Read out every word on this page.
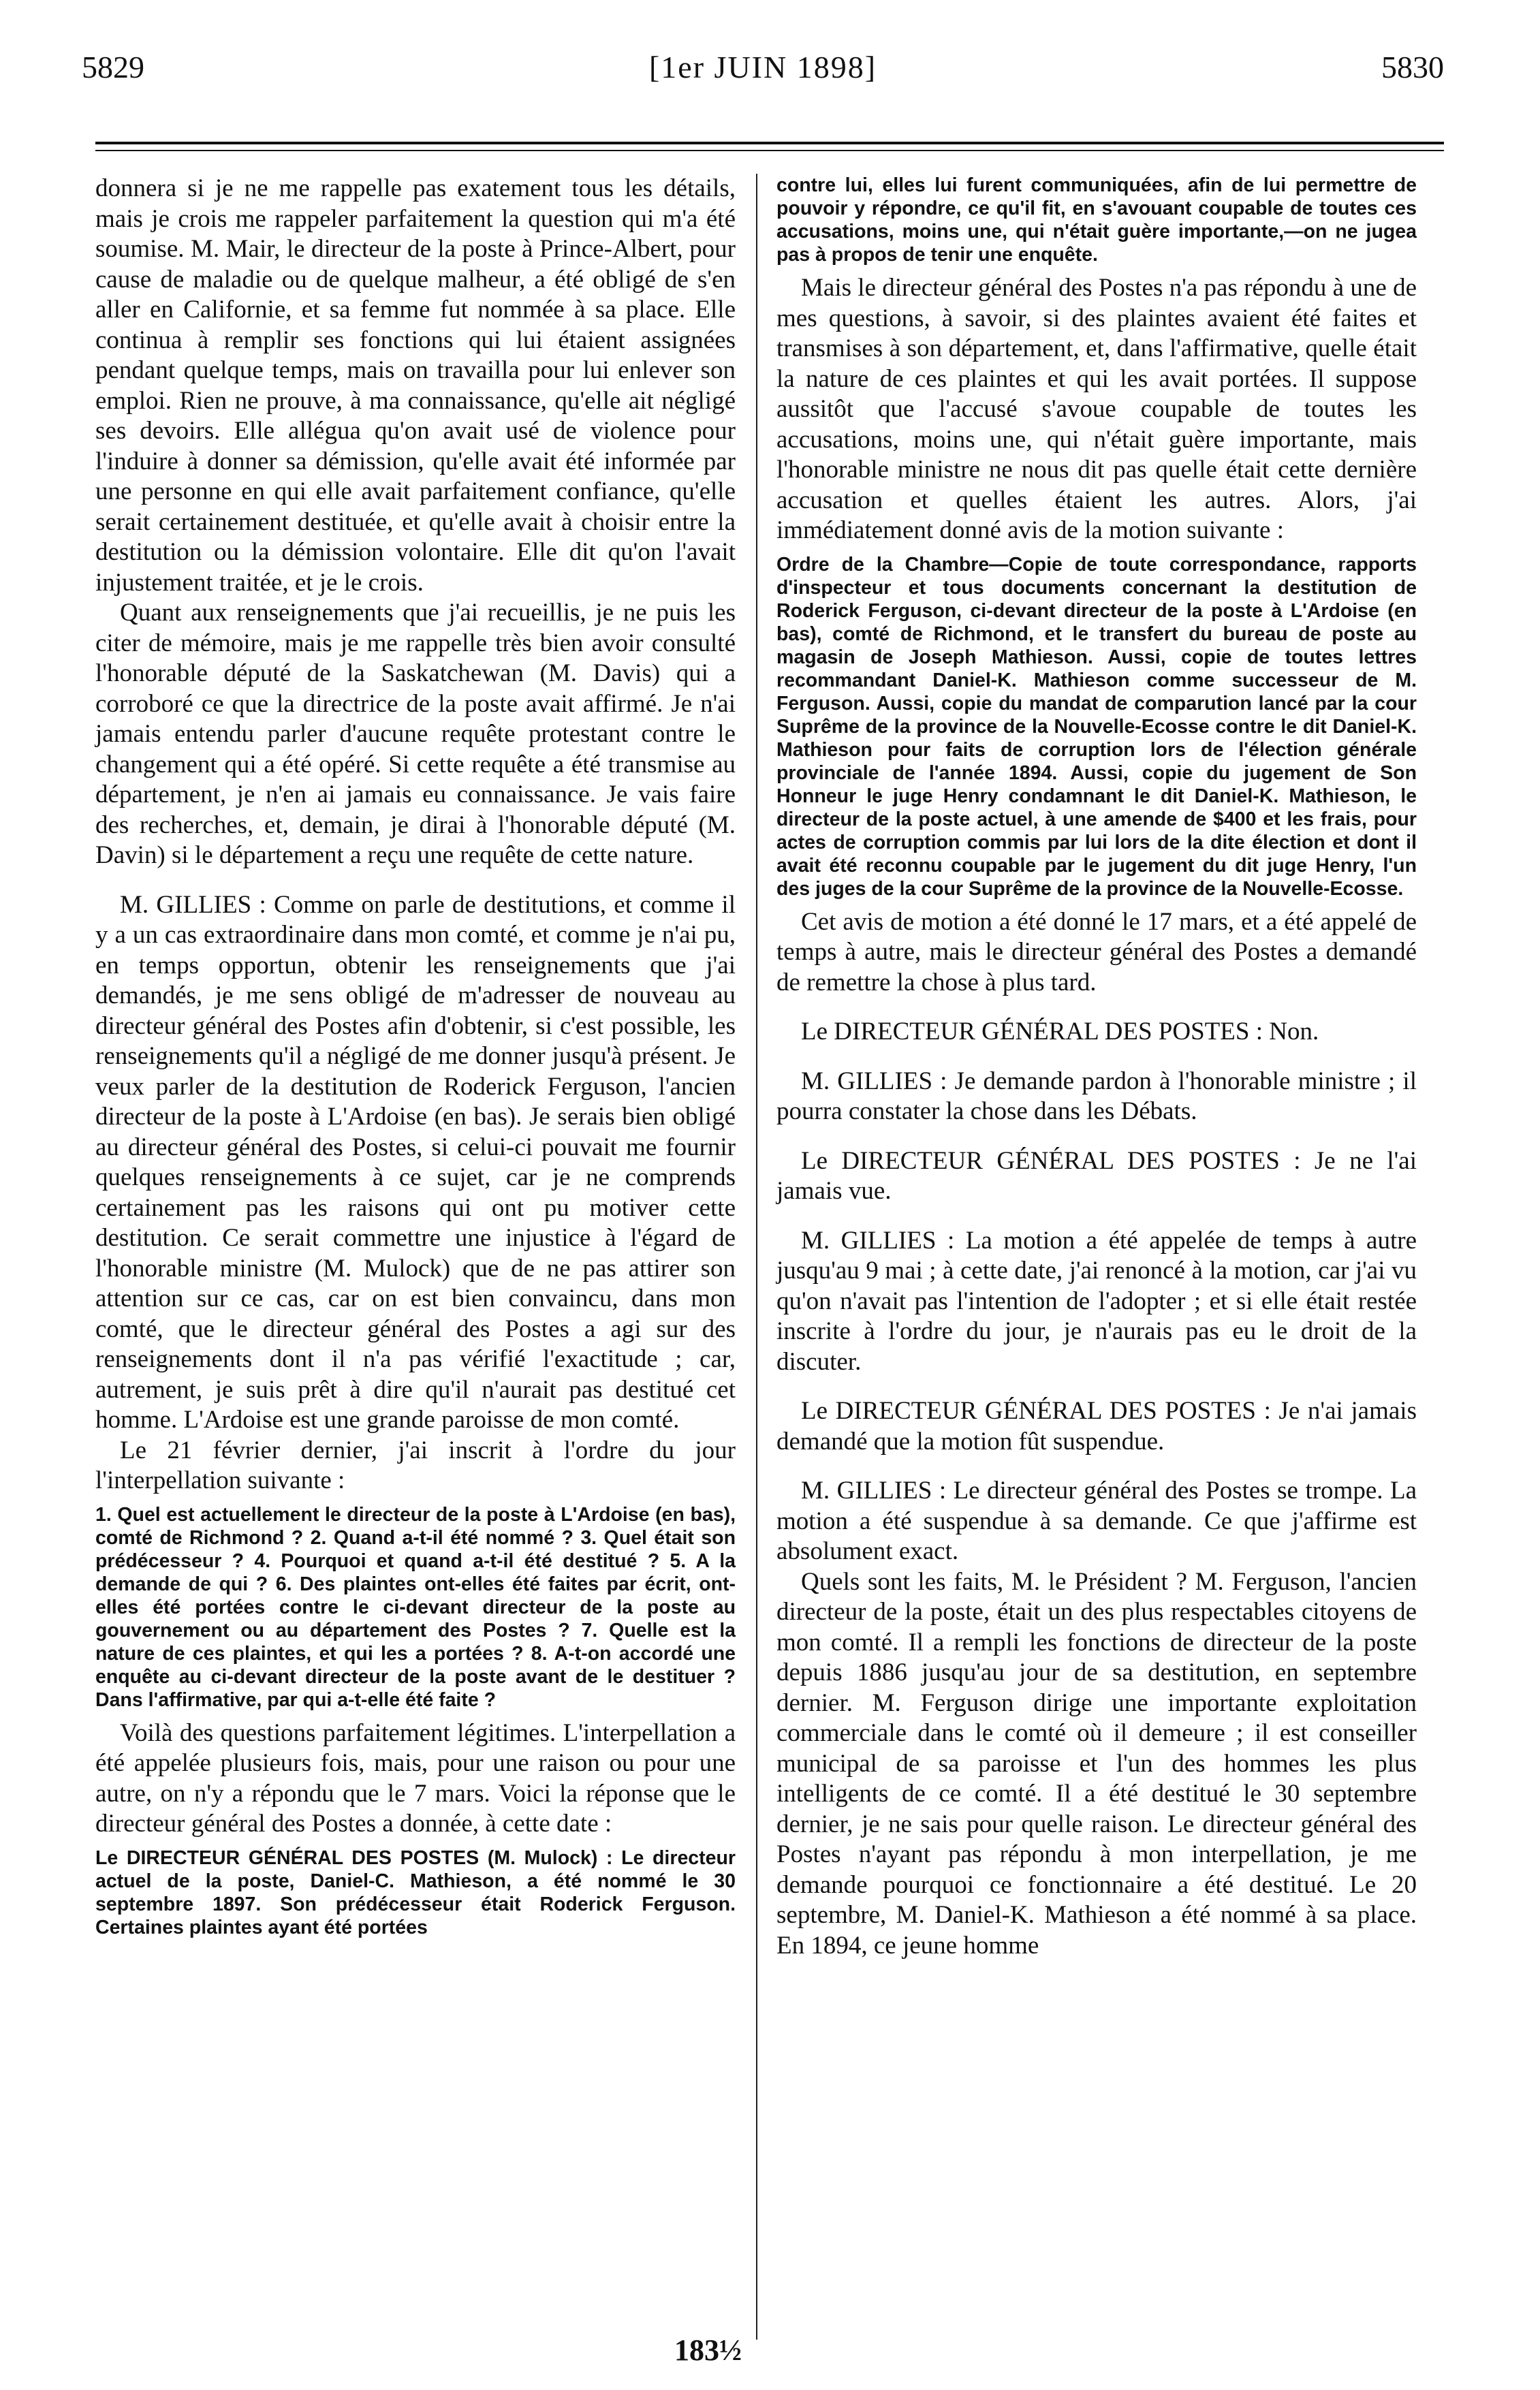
5829	[1er JUIN 1898]	5830

donnera si je ne me rappelle pas exatement tous les détails, mais je crois me rappeler parfaitement la question qui m'a été soumise. M. Mair, le directeur de la poste à Prince-Albert, pour cause de maladie ou de quelque malheur, a été obligé de s'en aller en Californie, et sa femme fut nommée à sa place. Elle continua à remplir ses fonctions qui lui étaient assignées pendant quelque temps, mais on travailla pour lui enlever son emploi. Rien ne prouve, à ma connaissance, qu'elle ait négligé ses devoirs. Elle allégua qu'on avait usé de violence pour l'induire à donner sa démission, qu'elle avait été informée par une personne en qui elle avait parfaitement confiance, qu'elle serait certainement destituée, et qu'elle avait à choisir entre la destitution ou la démission volontaire. Elle dit qu'on l'avait injustement traitée, et je le crois.

Quant aux renseignements que j'ai recueillis, je ne puis les citer de mémoire, mais je me rappelle très bien avoir consulté l'honorable député de la Saskatchewan (M. Davis) qui a corroboré ce que la directrice de la poste avait affirmé. Je n'ai jamais entendu parler d'aucune requête protestant contre le changement qui a été opéré. Si cette requête a été transmise au département, je n'en ai jamais eu connaissance. Je vais faire des recherches, et, demain, je dirai à l'honorable député (M. Davin) si le département a reçu une requête de cette nature.

M. GILLIES : Comme on parle de destitutions, et comme il y a un cas extraordinaire dans mon comté, et comme je n'ai pu, en temps opportun, obtenir les renseignements que j'ai demandés, je me sens obligé de m'adresser de nouveau au directeur général des Postes afin d'obtenir, si c'est possible, les renseignements qu'il a négligé de me donner jusqu'à présent. Je veux parler de la destitution de Roderick Ferguson, l'ancien directeur de la poste à L'Ardoise (en bas). Je serais bien obligé au directeur général des Postes, si celui-ci pouvait me fournir quelques renseignements à ce sujet, car je ne comprends certainement pas les raisons qui ont pu motiver cette destitution. Ce serait commettre une injustice à l'égard de l'honorable ministre (M. Mulock) que de ne pas attirer son attention sur ce cas, car on est bien convaincu, dans mon comté, que le directeur général des Postes a agi sur des renseignements dont il n'a pas vérifié l'exactitude ; car, autrement, je suis prêt à dire qu'il n'aurait pas destitué cet homme. L'Ardoise est une grande paroisse de mon comté.

Le 21 février dernier, j'ai inscrit à l'ordre du jour l'interpellation suivante :

1. Quel est actuellement le directeur de la poste à L'Ardoise (en bas), comté de Richmond ? 2. Quand a-t-il été nommé ? 3. Quel était son prédécesseur ? 4. Pourquoi et quand a-t-il été destitué ? 5. A la demande de qui ? 6. Des plaintes ont-elles été faites par écrit, ont-elles été portées contre le ci-devant directeur de la poste au gouvernement ou au département des Postes ? 7. Quelle est la nature de ces plaintes, et qui les a portées ? 8. A-t-on accordé une enquête au ci-devant directeur de la poste avant de le destituer ? Dans l'affirmative, par qui a-t-elle été faite ?

Voilà des questions parfaitement légitimes. L'interpellation a été appelée plusieurs fois, mais, pour une raison ou pour une autre, on n'y a répondu que le 7 mars. Voici la réponse que le directeur général des Postes a donnée, à cette date :

Le DIRECTEUR GÉNÉRAL DES POSTES (M. Mulock) : Le directeur actuel de la poste, Daniel-C. Mathieson, a été nommé le 30 septembre 1897. Son prédécesseur était Roderick Ferguson. Certaines plaintes ayant été portées

contre lui, elles lui furent communiquées, afin de lui permettre de pouvoir y répondre, ce qu'il fit, en s'avouant coupable de toutes ces accusations, moins une, qui n'était guère importante,—on ne jugea pas à propos de tenir une enquête.

Mais le directeur général des Postes n'a pas répondu à une de mes questions, à savoir, si des plaintes avaient été faites et transmises à son département, et, dans l'affirmative, quelle était la nature de ces plaintes et qui les avait portées. Il suppose aussitôt que l'accusé s'avoue coupable de toutes les accusations, moins une, qui n'était guère importante, mais l'honorable ministre ne nous dit pas quelle était cette dernière accusation et quelles étaient les autres. Alors, j'ai immédiatement donné avis de la motion suivante :

Ordre de la Chambre—Copie de toute correspondance, rapports d'inspecteur et tous documents concernant la destitution de Roderick Ferguson, ci-devant directeur de la poste à L'Ardoise (en bas), comté de Richmond, et le transfert du bureau de poste au magasin de Joseph Mathieson. Aussi, copie de toutes lettres recommandant Daniel-K. Mathieson comme successeur de M. Ferguson. Aussi, copie du mandat de comparution lancé par la cour Suprême de la province de la Nouvelle-Ecosse contre le dit Daniel-K. Mathieson pour faits de corruption lors de l'élection générale provinciale de l'année 1894. Aussi, copie du jugement de Son Honneur le juge Henry condamnant le dit Daniel-K. Mathieson, le directeur de la poste actuel, à une amende de $400 et les frais, pour actes de corruption commis par lui lors de la dite élection et dont il avait été reconnu coupable par le jugement du dit juge Henry, l'un des juges de la cour Suprême de la province de la Nouvelle-Ecosse.

Cet avis de motion a été donné le 17 mars, et a été appelé de temps à autre, mais le directeur général des Postes a demandé de remettre la chose à plus tard.

Le DIRECTEUR GÉNÉRAL DES POSTES : Non.

M. GILLIES : Je demande pardon à l'honorable ministre ; il pourra constater la chose dans les Débats.

Le DIRECTEUR GÉNÉRAL DES POSTES : Je ne l'ai jamais vue.

M. GILLIES : La motion a été appelée de temps à autre jusqu'au 9 mai ; à cette date, j'ai renoncé à la motion, car j'ai vu qu'on n'avait pas l'intention de l'adopter ; et si elle était restée inscrite à l'ordre du jour, je n'aurais pas eu le droit de la discuter.

Le DIRECTEUR GÉNÉRAL DES POSTES : Je n'ai jamais demandé que la motion fût suspendue.

M. GILLIES : Le directeur général des Postes se trompe. La motion a été suspendue à sa demande. Ce que j'affirme est absolument exact.

Quels sont les faits, M. le Président ? M. Ferguson, l'ancien directeur de la poste, était un des plus respectables citoyens de mon comté. Il a rempli les fonctions de directeur de la poste depuis 1886 jusqu'au jour de sa destitution, en septembre dernier. M. Ferguson dirige une importante exploitation commerciale dans le comté où il demeure ; il est conseiller municipal de sa paroisse et l'un des hommes les plus intelligents de ce comté. Il a été destitué le 30 septembre dernier, je ne sais pour quelle raison. Le directeur général des Postes n'ayant pas répondu à mon interpellation, je me demande pourquoi ce fonctionnaire a été destitué. Le 20 septembre, M. Daniel-K. Mathieson a été nommé à sa place. En 1894, ce jeune homme

183½
